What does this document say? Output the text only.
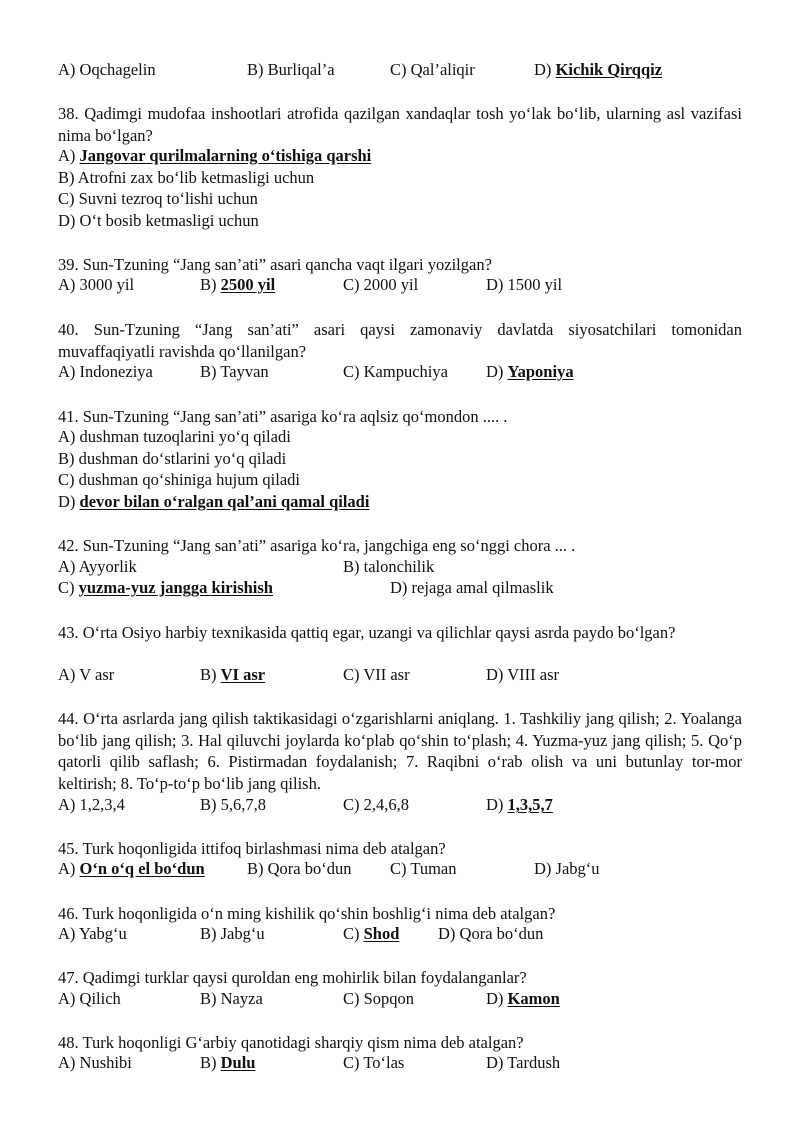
A) Oqchagelin	B) Burliqal’a	C) Qal’aliqir	D) Kichik Qirqqiz
38. Qadimgi mudofaa inshootlari atrofida qazilgan xandaqlar tosh yo‘lak bo‘lib, ularning asl vazifasi nima bo‘lgan?
A) Jangovar qurilmalarning o‘tishiga qarshi
B) Atrofni zax bo‘lib ketmasligi uchun
C) Suvni tezroq to‘lishi uchun
D) O‘t bosib ketmasligi uchun
39. Sun-Tzuning “Jang san’ati” asari qancha vaqt ilgari yozilgan?
A) 3000 yil	B) 2500 yil	C) 2000 yil	D) 1500 yil
40. Sun-Tzuning “Jang san’ati” asari qaysi zamonaviy davlatda siyosatchilari tomonidan muvaffaqiyatli ravishda qo‘llanilgan?
A) Indoneziya	B) Tayvan	C) Kampuchiya D) Yaponiya
41. Sun-Tzuning “Jang san’ati” asariga ko‘ra aqlsiz qo‘mondon .... .
A) dushman tuzoqlarini yo‘q qiladi
B) dushman do‘stlarini yo‘q qiladi
C) dushman qo‘shiniga hujum qiladi
D) devor bilan o‘ralgan qal’ani qamal qiladi
42. Sun-Tzuning “Jang san’ati” asariga ko‘ra, jangchiga eng so‘nggi chora ... .
A) Ayyorlik	B) talonchilik
C) yuzma-yuz jangga kirishish	D) rejaga amal qilmaslik
43. O‘rta Osiyo harbiy texnikasida qattiq egar, uzangi va qilichlar qaysi asrda paydo bo‘lgan?
A) V asr	B) VI asr	C) VII asr	D) VIII asr
44. O‘rta asrlarda jang qilish taktikasidagi o‘zgarishlarni aniqlang. 1. Tashkiliy jang qilish; 2. Yoalanga bo‘lib jang qilish; 3. Hal qiluvchi joylarda ko‘plab qo‘shin to‘plash; 4. Yuzma-yuz jang qilish; 5. Qo‘p qatorli qilib saflash; 6. Pistirmadan foydalanish; 7. Raqibni o‘rab olish va uni butunlay tor-mor keltirish; 8. To‘p-to‘p bo‘lib jang qilish.
A) 1,2,3,4	B) 5,6,7,8	C) 2,4,6,8	D) 1,3,5,7
45. Turk hoqonligida ittifoq birlashmasi nima deb atalgan?
A) O‘n o‘q el bo‘dun	B) Qora bo‘dun C) Tuman	D) Jabg‘u
46. Turk hoqonligida o‘n ming kishilik qo‘shin boshlig‘i nima deb atalgan?
A) Yabg‘u	B) Jabg‘u	C) Shod D) Qora bo‘dun
47. Qadimgi turklar qaysi quroldan eng mohirlik bilan foydalanganlar?
A) Qilich	B) Nayza	C) Sopqon	D) Kamon
48. Turk hoqonligi G‘arbiy qanotidagi sharqiy qism nima deb atalgan?
A) Nushibi	B) Dulu	C) To‘las	D) Tardush
